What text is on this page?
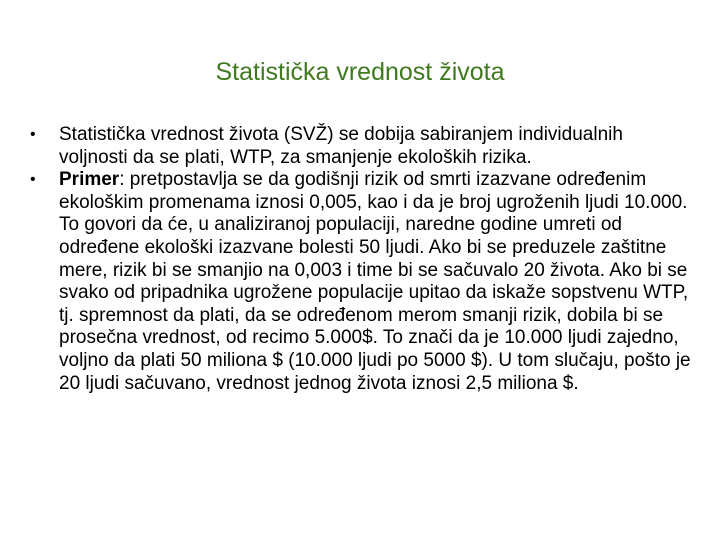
Statistička vrednost života
• Statistička vrednost života (SVŽ) se dobija sabiranjem individualnih voljnosti da se plati, WTP, za smanjenje ekoloških rizika.
• Primer: pretpostavlja se da godišnji rizik od smrti izazvane određenim ekološkim promenama iznosi 0,005, kao i da je broj ugroženih ljudi 10.000. To govori da će, u analiziranoj populaciji, naredne godine umreti od određene ekološki izazvane bolesti 50 ljudi. Ako bi se preduzele zaštitne mere, rizik bi se smanjio na 0,003 i time bi se sačuvalo 20 života. Ako bi se svako od pripadnika ugrožene populacije upitao da iskaže sopstvenu WTP, tj. spremnost da plati, da se određenom merom smanji rizik, dobila bi se prosečna vrednost, od recimo 5.000$. To znači da je 10.000 ljudi zajedno, voljno da plati 50 miliona $ (10.000 ljudi po 5000 $). U tom slučaju, pošto je 20 ljudi sačuvano, vrednost jednog života iznosi 2,5 miliona $.
